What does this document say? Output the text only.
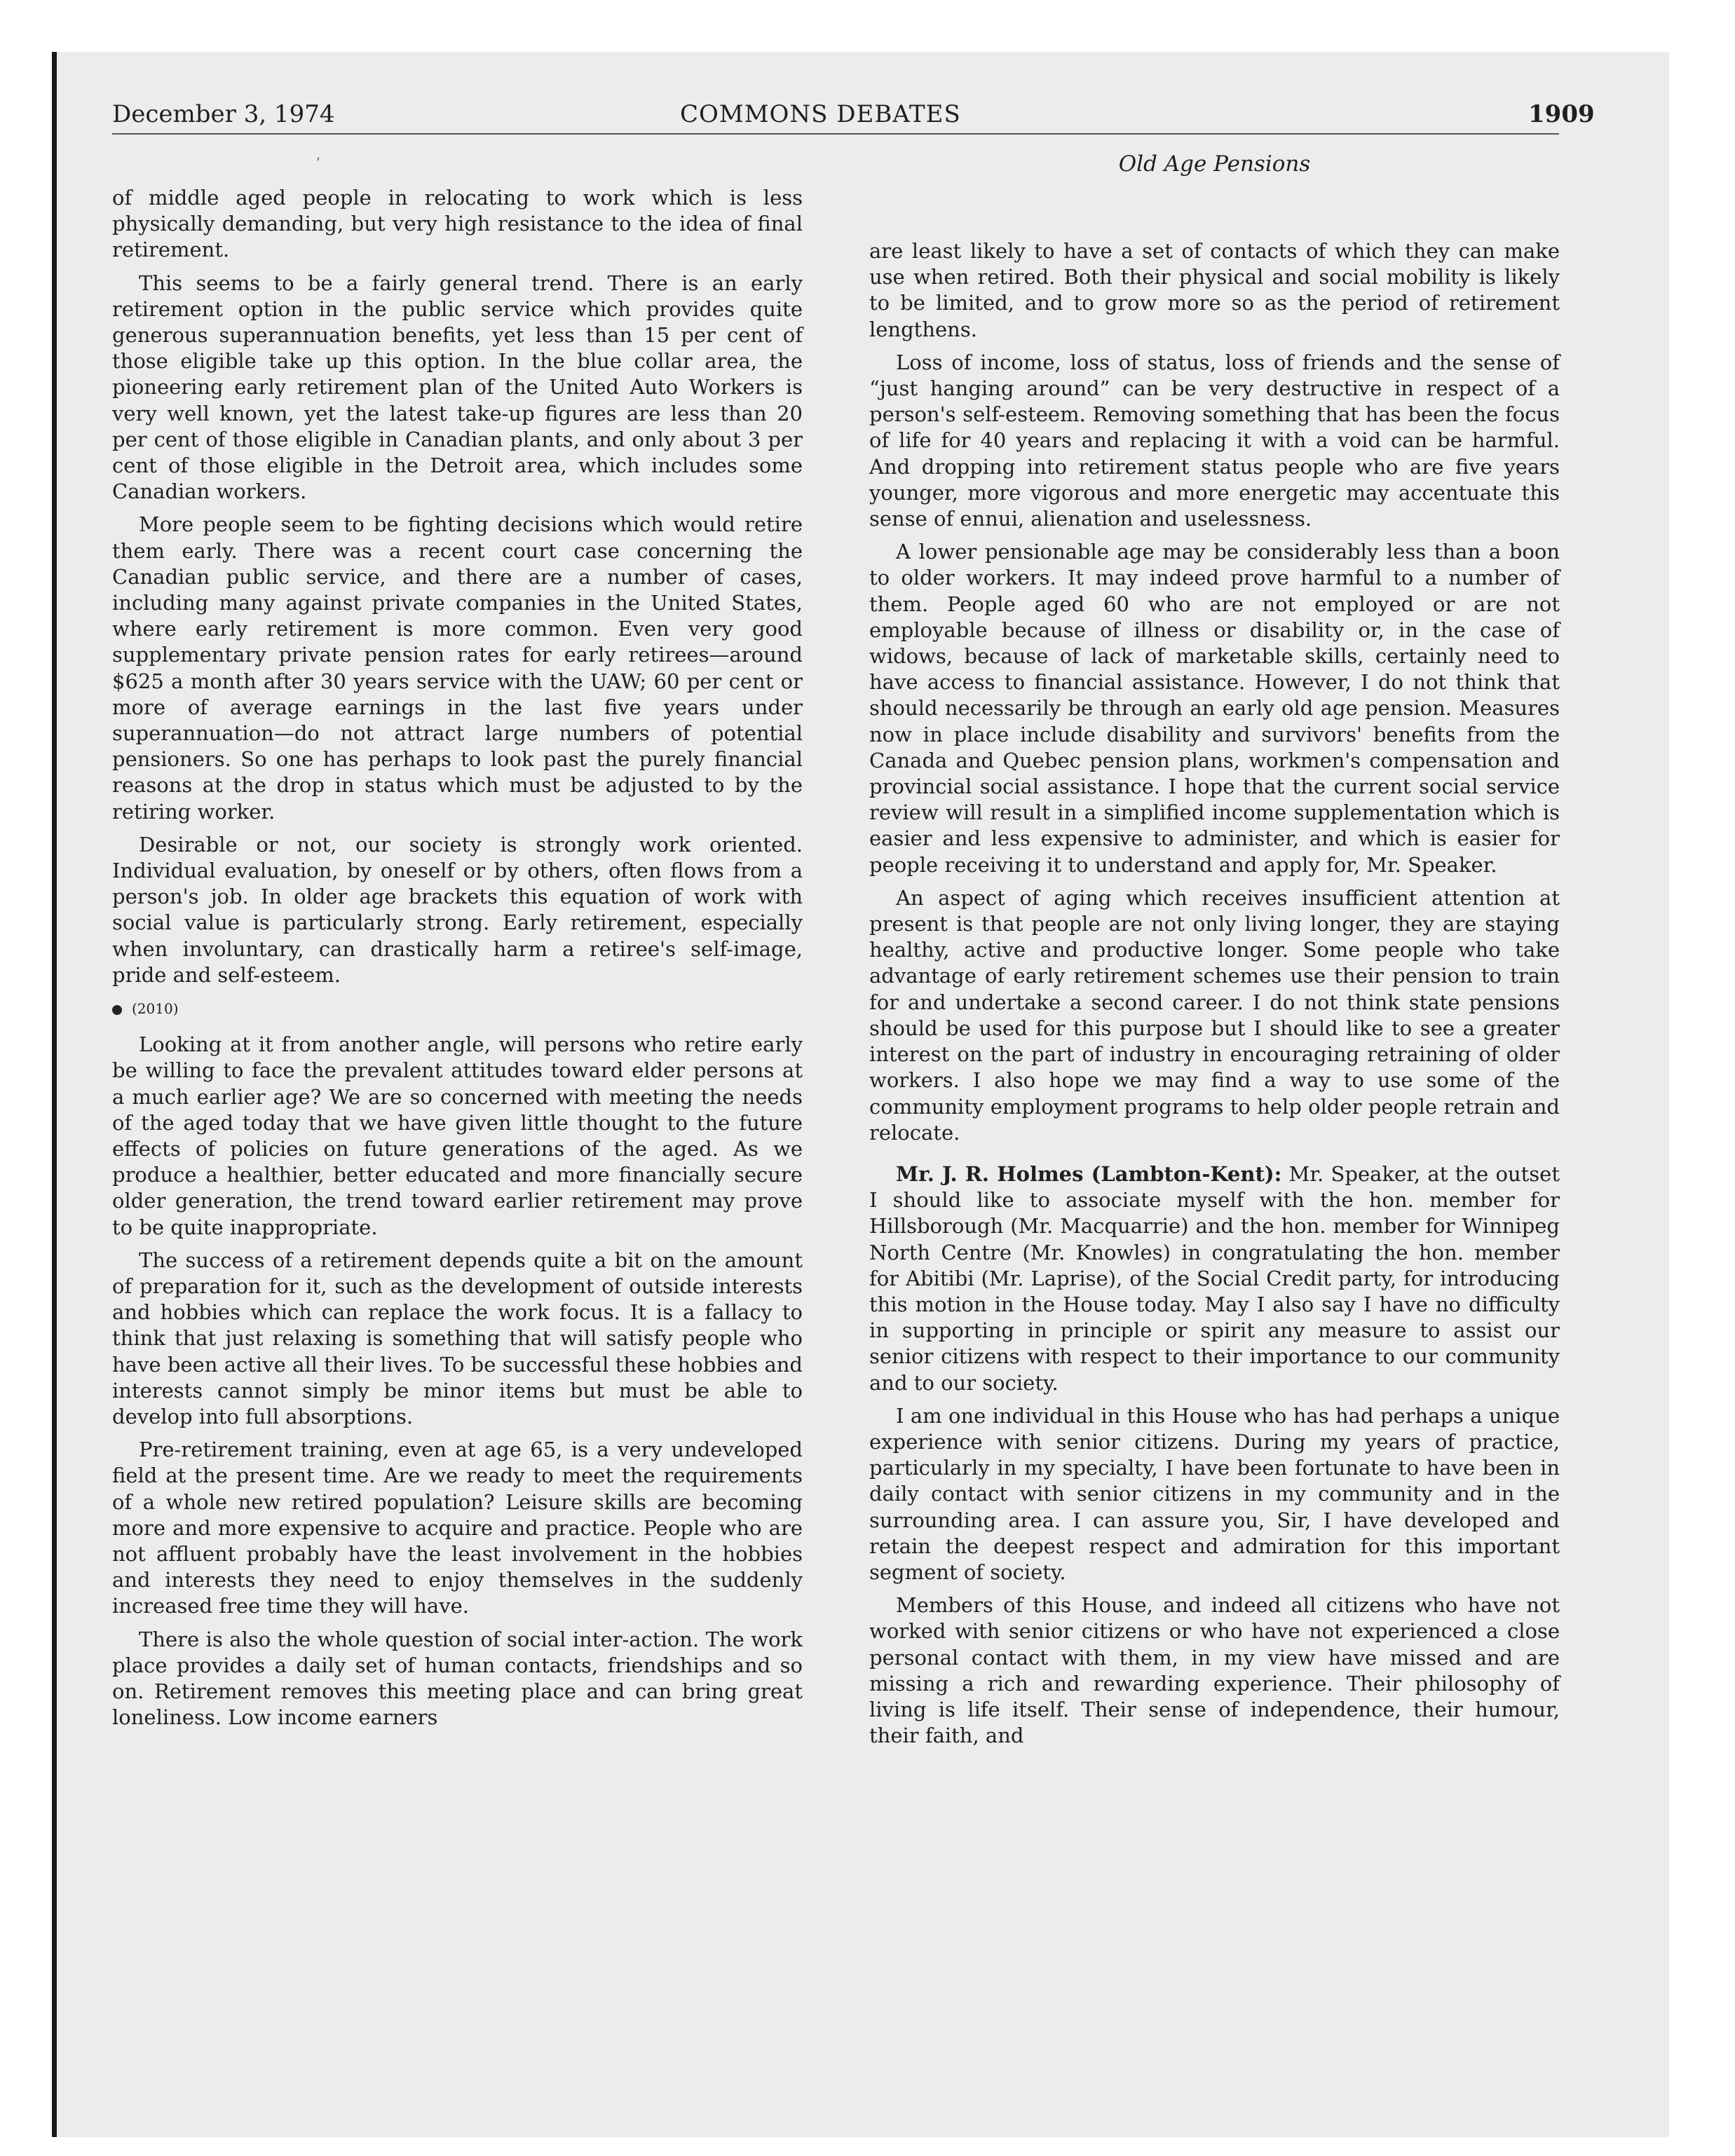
December 3, 1974	COMMONS DEBATES	1909
ʼ	Old Age Pensions

of middle aged people in relocating to work which is less physically demanding, but very high resistance to the idea of final retirement.

This seems to be a fairly general trend. There is an early retirement option in the public service which provides quite generous superannuation benefits, yet less than 15 per cent of those eligible take up this option. In the blue collar area, the pioneering early retirement plan of the United Auto Workers is very well known, yet the latest take-up figures are less than 20 per cent of those eligible in Canadian plants, and only about 3 per cent of those eligible in the Detroit area, which includes some Canadian workers.

More people seem to be fighting decisions which would retire them early. There was a recent court case concerning the Canadian public service, and there are a number of cases, including many against private companies in the United States, where early retirement is more common. Even very good supplementary private pension rates for early retirees—around $625 a month after 30 years service with the UAW; 60 per cent or more of average earnings in the last five years under superannuation—do not attract large numbers of potential pensioners. So one has perhaps to look past the purely financial reasons at the drop in status which must be adjusted to by the retiring worker.

Desirable or not, our society is strongly work oriented. Individual evaluation, by oneself or by others, often flows from a person's job. In older age brackets this equation of work with social value is particularly strong. Early retirement, especially when involuntary, can drastically harm a retiree's self-image, pride and self-esteem.

(2010)

Looking at it from another angle, will persons who retire early be willing to face the prevalent attitudes toward elder persons at a much earlier age? We are so concerned with meeting the needs of the aged today that we have given little thought to the future effects of policies on future generations of the aged. As we produce a healthier, better educated and more financially secure older generation, the trend toward earlier retirement may prove to be quite inappropriate.

The success of a retirement depends quite a bit on the amount of preparation for it, such as the development of outside interests and hobbies which can replace the work focus. It is a fallacy to think that just relaxing is something that will satisfy people who have been active all their lives. To be successful these hobbies and interests cannot simply be minor items but must be able to develop into full absorptions.

Pre-retirement training, even at age 65, is a very undeveloped field at the present time. Are we ready to meet the requirements of a whole new retired population? Leisure skills are becoming more and more expensive to acquire and practice. People who are not affluent probably have the least involvement in the hobbies and interests they need to enjoy themselves in the suddenly increased free time they will have.

There is also the whole question of social inter-action. The work place provides a daily set of human contacts, friendships and so on. Retirement removes this meeting place and can bring great loneliness. Low income earners

are least likely to have a set of contacts of which they can make use when retired. Both their physical and social mobility is likely to be limited, and to grow more so as the period of retirement lengthens.

Loss of income, loss of status, loss of friends and the sense of “just hanging around” can be very destructive in respect of a person's self-esteem. Removing something that has been the focus of life for 40 years and replacing it with a void can be harmful. And dropping into retirement status people who are five years younger, more vigorous and more energetic may accentuate this sense of ennui, alienation and uselessness.

A lower pensionable age may be considerably less than a boon to older workers. It may indeed prove harmful to a number of them. People aged 60 who are not employed or are not employable because of illness or disability or, in the case of widows, because of lack of marketable skills, certainly need to have access to financial assistance. However, I do not think that should necessarily be through an early old age pension. Measures now in place include disability and survivors' benefits from the Canada and Quebec pension plans, workmen's compensation and provincial social assistance. I hope that the current social service review will result in a simplified income supplementation which is easier and less expensive to administer, and which is easier for people receiving it to understand and apply for, Mr. Speaker.

An aspect of aging which receives insufficient attention at present is that people are not only living longer, they are staying healthy, active and productive longer. Some people who take advantage of early retirement schemes use their pension to train for and undertake a second career. I do not think state pensions should be used for this purpose but I should like to see a greater interest on the part of industry in encouraging retraining of older workers. I also hope we may find a way to use some of the community employment programs to help older people retrain and relocate.

Mr. J. R. Holmes (Lambton-Kent): Mr. Speaker, at the outset I should like to associate myself with the hon. member for Hillsborough (Mr. Macquarrie) and the hon. member for Winnipeg North Centre (Mr. Knowles) in congratulating the hon. member for Abitibi (Mr. Laprise), of the Social Credit party, for introducing this motion in the House today. May I also say I have no difficulty in supporting in principle or spirit any measure to assist our senior citizens with respect to their importance to our community and to our society.

I am one individual in this House who has had perhaps a unique experience with senior citizens. During my years of practice, particularly in my specialty, I have been fortunate to have been in daily contact with senior citizens in my community and in the surrounding area. I can assure you, Sir, I have developed and retain the deepest respect and admiration for this important segment of society.

Members of this House, and indeed all citizens who have not worked with senior citizens or who have not experienced a close personal contact with them, in my view have missed and are missing a rich and rewarding experience. Their philosophy of living is life itself. Their sense of independence, their humour, their faith, and
